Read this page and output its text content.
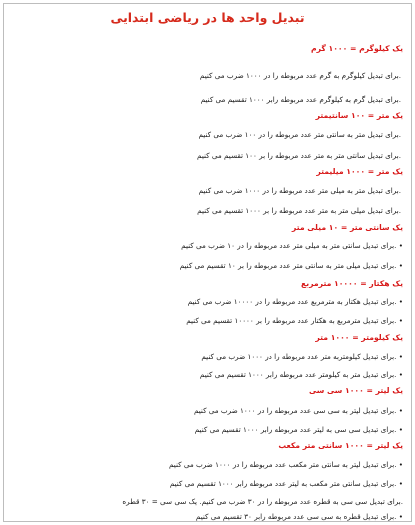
تبدیل واحد ها در ریاضی ابتدایی
یک کیلوگرم = ۱۰۰۰ گرم
.برای تبدیل کیلوگرم به گرم عدد مربوطه را در ۱۰۰۰ ضرب می کنیم
.برای تبدیل گرم به کیلوگرم عدد مربوطه رابر ۱۰۰۰ تقسیم می کنیم
یک متر = ۱۰۰ سانتیمتر
.برای تبدیل متر به سانتی متر عدد مربوطه را در ۱۰۰ ضرب می کنیم
.برای تبدیل سانتی متر به متر عدد مربوطه را بر ۱۰۰ تقسیم می کنیم
یک متر = ۱۰۰۰ میلیمتر
.برای تبدیل متر به میلی متر عدد مربوطه را در ۱۰۰۰ ضرب می کنیم
.برای تبدیل میلی متر به متر عدد مربوطه را بر ۱۰۰۰ تقسیم می کنیم
یک سانتی متر = ۱۰ میلی متر
• .برای تبدیل سانتی متر به میلی متر عدد مربوطه را در ۱۰ ضرب می کنیم
• .برای تبدیل میلی متر به سانتی متر عدد مربوطه را بر ۱۰ تقسیم می کنیم
یک هکتار = ۱۰۰۰۰ مترمربع
• .برای تبدیل هکتار به مترمربع عدد مربوطه را در ۱۰۰۰۰ ضرب می کنیم
• .برای تبدیل مترمربع به هکتار عدد مربوطه را بر ۱۰۰۰۰ تقسیم می کنیم
یک کیلومتر = ۱۰۰۰ متر
• .برای تبدیل کیلومتربه متر عدد مربوطه را در ۱۰۰۰ ضرب می کنیم
• .برای تبدیل متر به کیلومتر عدد مربوطه رابر ۱۰۰۰ تقسیم می کنیم
یک لیتر = ۱۰۰۰ سی سی
• .برای تبدیل لیتر به سی سی عدد مربوطه را در ۱۰۰۰ ضرب می کنیم
• .برای تبدیل سی سی به لیتر عدد مربوطه رابر ۱۰۰۰ تقسیم می کنیم
یک لیتر = ۱۰۰۰ سانتی متر مکعب
• .برای تبدیل لیتر به سانتی متر مکعب عدد مربوطه را در ۱۰۰۰ ضرب می کنیم
• .برای تبدیل سانتی متر مکعب به لیتر عدد مربوطه رابر ۱۰۰۰ تقسیم می کنیم
.برای تبدیل سی سی به قطره عدد مربوطه را در ۳۰ ضرب می کنیم. یک سی سی = ۳۰ قطره
• .برای تبدیل قطره به سی سی عدد مربوطه رابر ۳۰ تقسیم می کنیم
